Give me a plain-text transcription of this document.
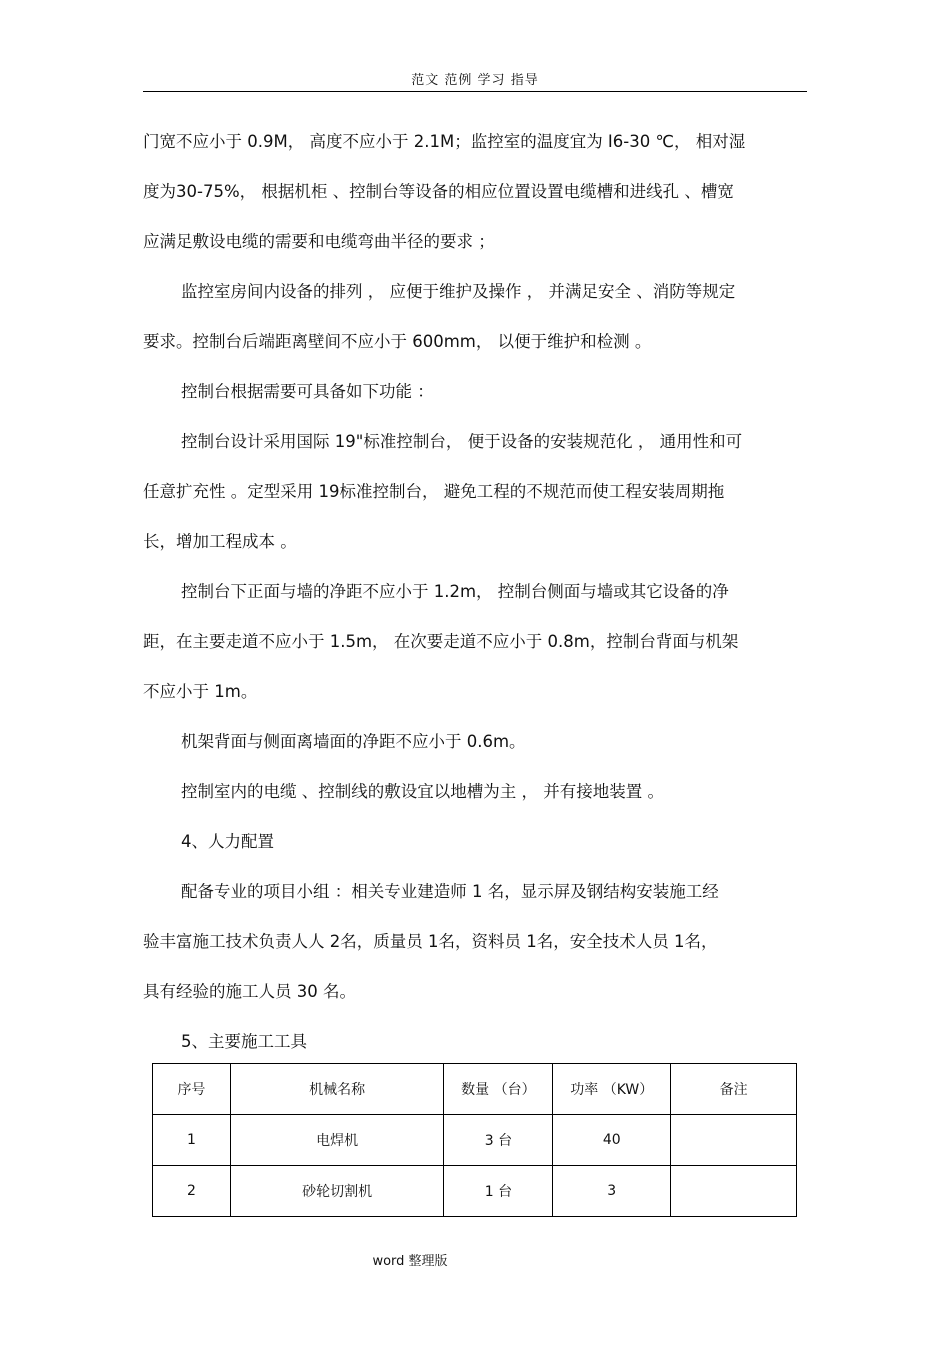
范文 范例 学习 指导
门宽不应小于 0.9M， 高度不应小于 2.1M；监控室的温度宜为 I6-30 ℃， 相对湿
度为30-75%， 根据机柜 、控制台等设备的相应位置设置电缆槽和进线孔 、槽宽
应满足敷设电缆的需要和电缆弯曲半径的要求 ；
监控室房间内设备的排列 ， 应便于维护及操作 ， 并满足安全 、消防等规定
要求。控制台后端距离壁间不应小于 600mm， 以便于维护和检测 。
控制台根据需要可具备如下功能 ：
控制台设计采用国际 19"标准控制台， 便于设备的安装规范化 ， 通用性和可
任意扩充性 。定型采用 19标准控制台， 避免工程的不规范而使工程安装周期拖
长，增加工程成本 。
控制台下正面与墙的净距不应小于 1.2m， 控制台侧面与墙或其它设备的净
距，在主要走道不应小于 1.5m， 在次要走道不应小于 0.8m，控制台背面与机架
不应小于 1m。
机架背面与侧面离墙面的净距不应小于 0.6m。
控制室内的电缆 、控制线的敷设宜以地槽为主 ， 并有接地装置 。
4、人力配置
配备专业的项目小组 ：相关专业建造师 1 名，显示屏及钢结构安装施工经
验丰富施工技术负责人人 2名，质量员 1名，资料员 1名，安全技术人员 1名，
具有经验的施工人员 30 名。
5、主要施工工具
序号	机械名称	数量 （台）	功率 （KW）	备注
1	电焊机	3 台	40	
2	砂轮切割机	1 台	3	
word 整理版
